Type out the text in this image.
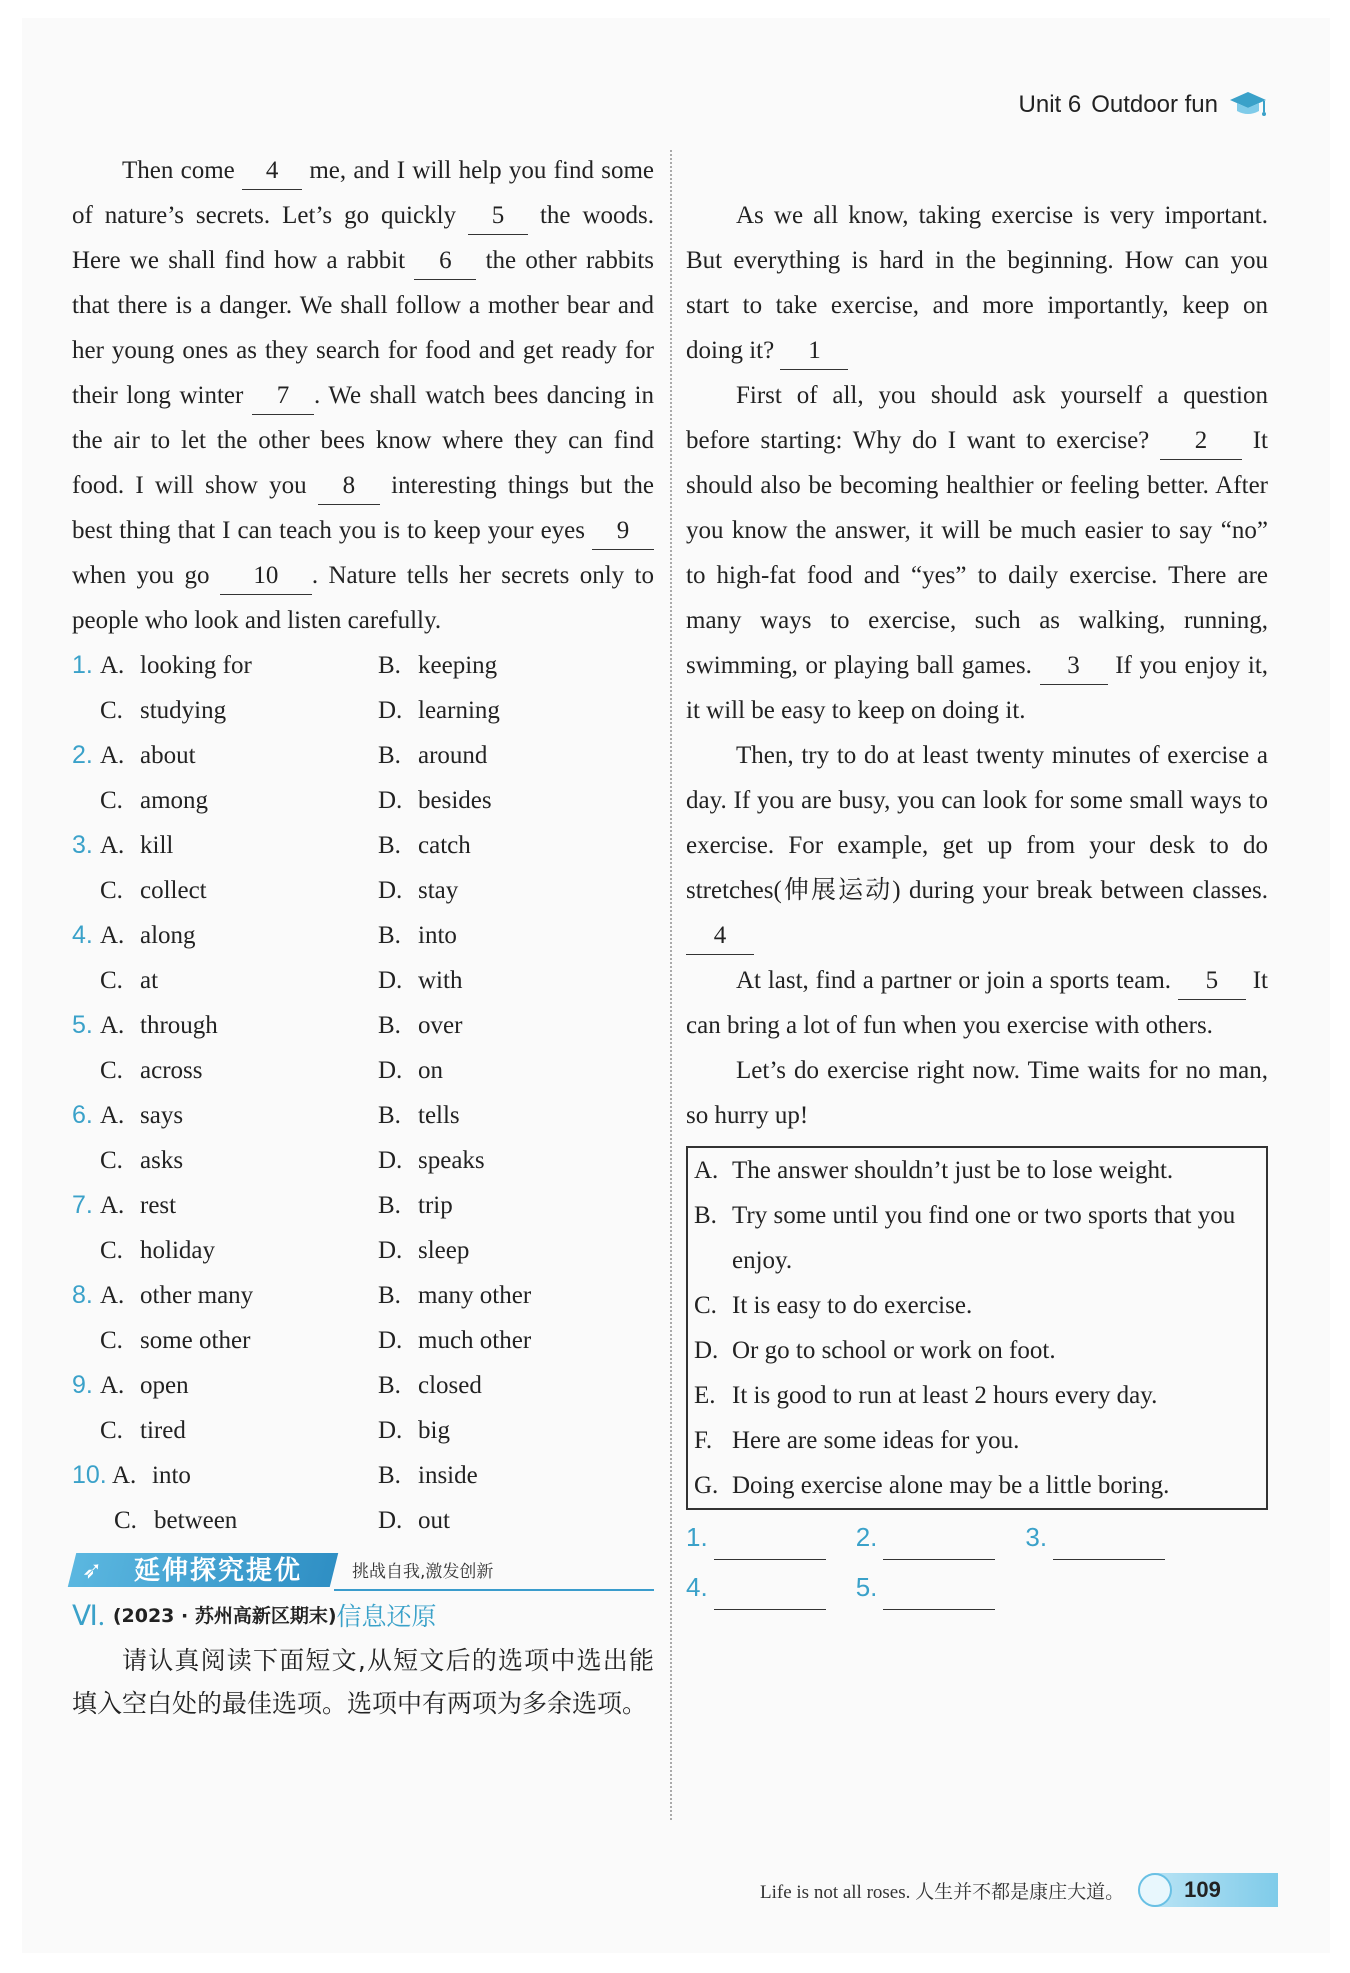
Unit 6 Outdoor fun

Then come 4 me, and I will help you find some of nature’s secrets. Let’s go quickly 5 the woods. Here we shall find how a rabbit 6 the other rabbits that there is a danger. We shall follow a mother bear and her young ones as they search for food and get ready for their long winter 7 . We shall watch bees dancing in the air to let the other bees know where they can find food. I will show you 8 interesting things but the best thing that I can teach you is to keep your eyes 9 when you go 10 . Nature tells her secrets only to people who look and listen carefully.

1. A. looking for	B. keeping
C. studying	D. learning
2. A. about	B. around
C. among	D. besides
3. A. kill	B. catch
C. collect	D. stay
4. A. along	B. into
C. at	D. with
5. A. through	B. over
C. across	D. on
6. A. says	B. tells
C. asks	D. speaks
7. A. rest	B. trip
C. holiday	D. sleep
8. A. other many	B. many other
C. some other	D. much other
9. A. open	B. closed
C. tired	D. big
10. A. into	B. inside
C. between	D. out
➶ 延伸探究提优	挑战自我,激发创新
Ⅵ. (2023 · 苏州高新区期末) 信息还原

请认真阅读下面短文,从短文后的选项中选出能填入空白处的最佳选项。选项中有两项为多余选项。

As we all know, taking exercise is very important. But everything is hard in the beginning. How can you start to take exercise, and more importantly, keep on doing it? 1

First of all, you should ask yourself a question before starting: Why do I want to exercise? 2 It should also be becoming healthier or feeling better. After you know the answer, it will be much easier to say “no” to high-fat food and “yes” to daily exercise. There are many ways to exercise, such as walking, running, swimming, or playing ball games. 3 If you enjoy it, it will be easy to keep on doing it.

Then, try to do at least twenty minutes of exercise a day. If you are busy, you can look for some small ways to exercise. For example, get up from your desk to do stretches(伸展运动) during your break between classes. 4

At last, find a partner or join a sports team. 5 It can bring a lot of fun when you exercise with others.

Let’s do exercise right now. Time waits for no man, so hurry up!

A. The answer shouldn’t just be to lose weight.
B. Try some until you find one or two sports that you enjoy.
C. It is easy to do exercise.
D. Or go to school or work on foot.
E. It is good to run at least 2 hours every day.
F. Here are some ideas for you.
G. Doing exercise alone may be a little boring.
1.	2.	3.
4.	5.
Life is not all roses. 人生并不都是康庄大道。	109
